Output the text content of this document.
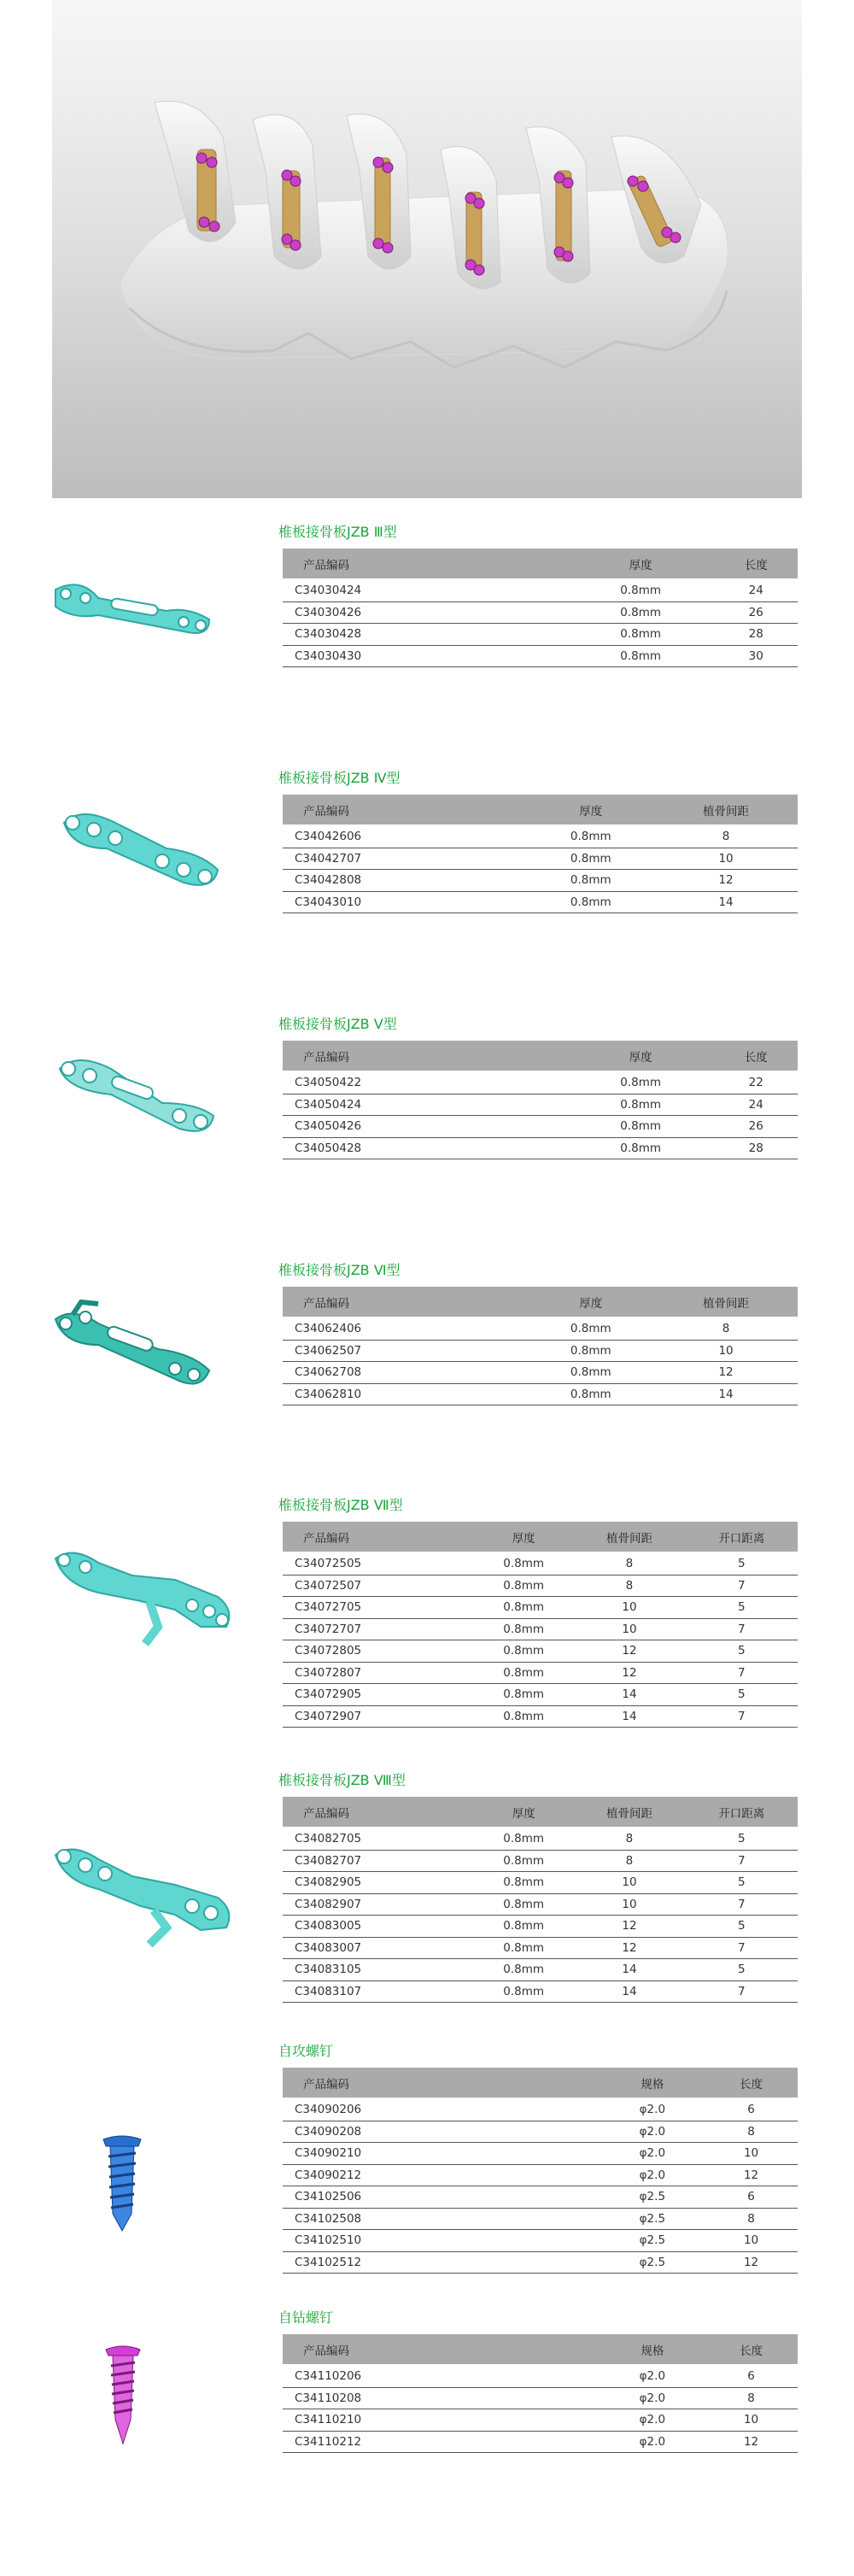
椎板接骨板JZB Ⅲ型
产品编码	厚度	长度
C34030424	0.8mm	24
C34030426	0.8mm	26
C34030428	0.8mm	28
C34030430	0.8mm	30
椎板接骨板JZB Ⅳ型
产品编码	厚度	植骨间距
C34042606	0.8mm	8
C34042707	0.8mm	10
C34042808	0.8mm	12
C34043010	0.8mm	14
椎板接骨板JZB Ⅴ型
产品编码	厚度	长度
C34050422	0.8mm	22
C34050424	0.8mm	24
C34050426	0.8mm	26
C34050428	0.8mm	28
椎板接骨板JZB Ⅵ型
产品编码	厚度	植骨间距
C34062406	0.8mm	8
C34062507	0.8mm	10
C34062708	0.8mm	12
C34062810	0.8mm	14
椎板接骨板JZB Ⅶ型
产品编码	厚度	植骨间距	开口距离
C34072505	0.8mm	8	5
C34072507	0.8mm	8	7
C34072705	0.8mm	10	5
C34072707	0.8mm	10	7
C34072805	0.8mm	12	5
C34072807	0.8mm	12	7
C34072905	0.8mm	14	5
C34072907	0.8mm	14	7
椎板接骨板JZB Ⅷ型
产品编码	厚度	植骨间距	开口距离
C34082705	0.8mm	8	5
C34082707	0.8mm	8	7
C34082905	0.8mm	10	5
C34082907	0.8mm	10	7
C34083005	0.8mm	12	5
C34083007	0.8mm	12	7
C34083105	0.8mm	14	5
C34083107	0.8mm	14	7
自攻螺钉
产品编码	规格	长度
C34090206	φ2.0	6
C34090208	φ2.0	8
C34090210	φ2.0	10
C34090212	φ2.0	12
C34102506	φ2.5	6
C34102508	φ2.5	8
C34102510	φ2.5	10
C34102512	φ2.5	12
自钻螺钉
产品编码	规格	长度
C34110206	φ2.0	6
C34110208	φ2.0	8
C34110210	φ2.0	10
C34110212	φ2.0	12
